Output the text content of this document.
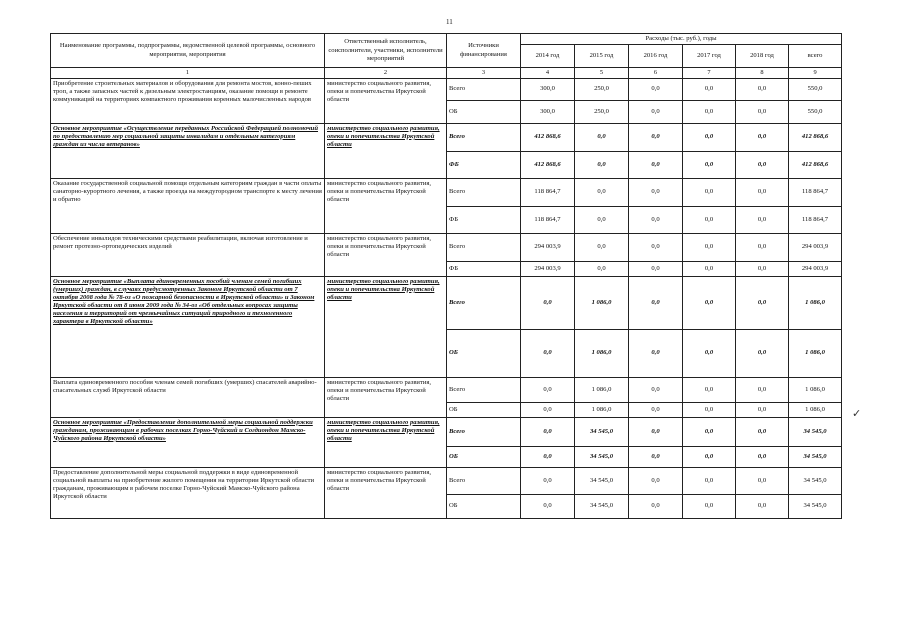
11
Наименование программы, подпрограммы, ведомственной целевой программы, основного мероприятия, мероприятия	Ответственный исполнитель, соисполнители, участники, исполнители мероприятий	Источники финансирования	Расходы (тыс. руб.), годы					
			2014 год	2015 год	2016 год	2017 год	2018 год	всего
1	2	3	4	5	6	7	8	9
Приобретение строительных материалов и оборудования для ремонта мостов, конно-пеших троп, а также запасных частей к дизельным электростанциям, оказание помощи в ремонте коммуникаций на территориях компактного проживания коренных малочисленных народов	министерство социального развития, опеки и попечительства Иркутской области	Всего	300,0	250,0	0,0	0,0	0,0	550,0
		ОБ	300,0	250,0	0,0	0,0	0,0	550,0
Основное мероприятие «Осуществление переданных Российской Федерацией полномочий по предоставлению мер социальной защиты инвалидам и отдельным категориям граждан из числа ветеранов»	министерство социального развития, опеки и попечительства Иркутской области	Всего	412 868,6	0,0	0,0	0,0	0,0	412 868,6
		ФБ	412 868,6	0,0	0,0	0,0	0,0	412 868,6
Оказание государственной социальной помощи отдельным категориям граждан в части оплаты санаторно-курортного лечения, а также проезда на междугородном транспорте к месту лечения и обратно	министерство социального развития, опеки и попечительства Иркутской области	Всего	118 864,7	0,0	0,0	0,0	0,0	118 864,7
		ФБ	118 864,7	0,0	0,0	0,0	0,0	118 864,7
Обеспечение инвалидов техническими средствами реабилитации, включая изготовление и ремонт протезно-ортопедических изделий	министерство социального развития, опеки и попечительства Иркутской области	Всего	294 003,9	0,0	0,0	0,0	0,0	294 003,9
		ФБ	294 003,9	0,0	0,0	0,0	0,0	294 003,9
Основное мероприятие «Выплата единовременных пособий членам семей погибших (умерших) граждан, в случаях предусмотренных Законом Иркутской области от 7 октября 2008 года № 78-оз «О пожарной безопасности в Иркутской области» и Законом Иркутской области от 8 июня 2009 года № 34-оз «Об отдельных вопросах защиты населения и территорий от чрезвычайных ситуаций природного и техногенного характера в Иркутской области»	министерство социального развития, опеки и попечительства Иркутской области	Всего	0,0	1 086,0	0,0	0,0	0,0	1 086,0
		ОБ	0,0	1 086,0	0,0	0,0	0,0	1 086,0
Выплата единовременного пособия членам семей погибших (умерших) спасателей аварийно-спасательных служб Иркутской области	министерство социального развития, опеки и попечительства Иркутской области	Всего	0,0	1 086,0	0,0	0,0	0,0	1 086,0
		ОБ	0,0	1 086,0	0,0	0,0	0,0	1 086,0
Основное мероприятие «Предоставление дополнительной меры социальной поддержки гражданам, проживающим в рабочих поселках Горно-Чуйский и Согдиондон Мамско-Чуйского района Иркутской области»	министерство социального развития, опеки и попечительства Иркутской области	Всего	0,0	34 545,0	0,0	0,0	0,0	34 545,0
		ОБ	0,0	34 545,0	0,0	0,0	0,0	34 545,0
Предоставление дополнительной меры социальной поддержки в виде единовременной социальной выплаты на приобретение жилого помещения на территории Иркутской области гражданам, проживающим в рабочем поселке Горно-Чуйский Мамско-Чуйского района Иркутской области	министерство социального развития, опеки и попечительства Иркутской области	Всего	0,0	34 545,0	0,0	0,0	0,0	34 545,0
		ОБ	0,0	34 545,0	0,0	0,0	0,0	34 545,0
✓
